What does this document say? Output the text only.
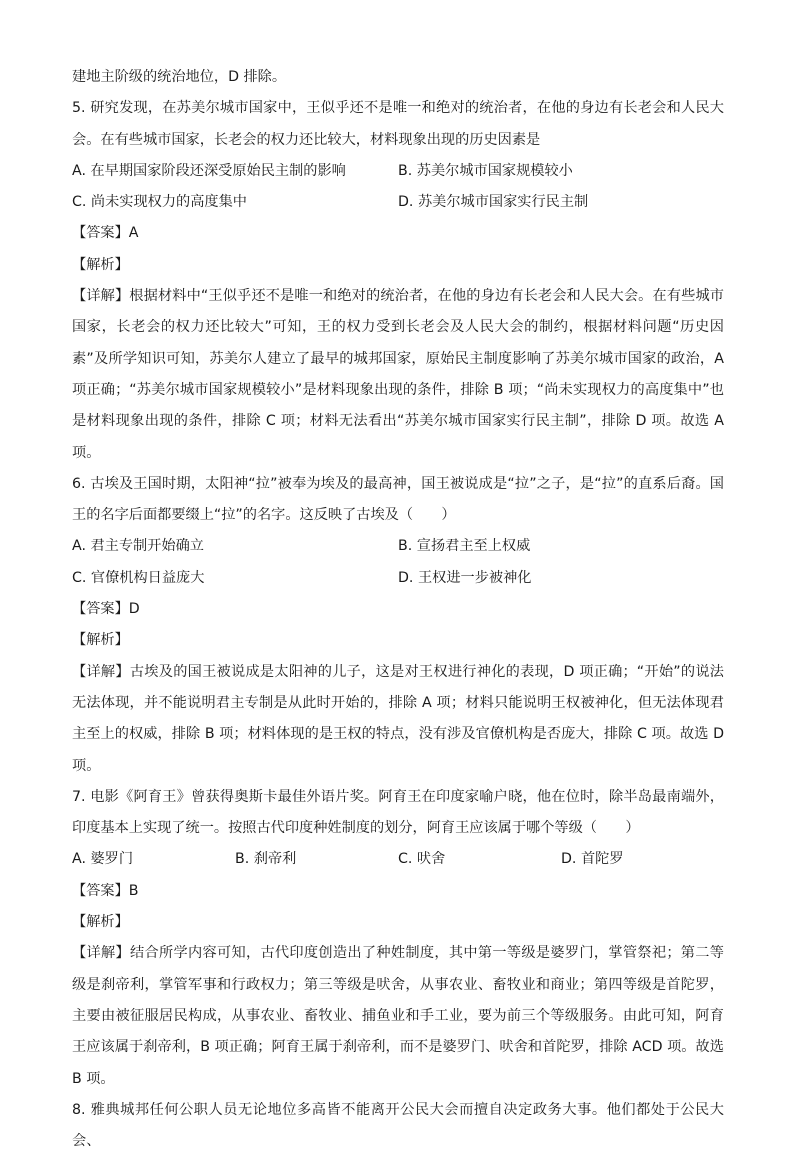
建地主阶级的统治地位，D 排除。

5. 研究发现，在苏美尔城市国家中，王似乎还不是唯一和绝对的统治者，在他的身边有长老会和人民大会。在有些城市国家，长老会的权力还比较大，材料现象出现的历史因素是

A. 在早期国家阶段还深受原始民主制的影响	B. 苏美尔城市国家规模较小
C. 尚未实现权力的高度集中	D. 苏美尔城市国家实行民主制
【答案】A
【解析】

【详解】根据材料中“王似乎还不是唯一和绝对的统治者，在他的身边有长老会和人民大会。在有些城市国家，长老会的权力还比较大”可知，王的权力受到长老会及人民大会的制约，根据材料问题“历史因素”及所学知识可知，苏美尔人建立了最早的城邦国家，原始民主制度影响了苏美尔城市国家的政治，A 项正确；“苏美尔城市国家规模较小”是材料现象出现的条件，排除 B 项；“尚未实现权力的高度集中”也是材料现象出现的条件，排除 C 项；材料无法看出“苏美尔城市国家实行民主制”，排除 D 项。故选 A 项。

6. 古埃及王国时期，太阳神“拉”被奉为埃及的最高神，国王被说成是“拉”之子，是“拉”的直系后裔。国王的名字后面都要缀上“拉”的名字。这反映了古埃及（　　）

A. 君主专制开始确立	B. 宣扬君主至上权威
C. 官僚机构日益庞大	D. 王权进一步被神化
【答案】D
【解析】

【详解】古埃及的国王被说成是太阳神的儿子，这是对王权进行神化的表现，D 项正确；“开始”的说法无法体现，并不能说明君主专制是从此时开始的，排除 A 项；材料只能说明王权被神化，但无法体现君主至上的权威，排除 B 项；材料体现的是王权的特点，没有涉及官僚机构是否庞大，排除 C 项。故选 D 项。

7. 电影《阿育王》曾获得奥斯卡最佳外语片奖。阿育王在印度家喻户晓，他在位时，除半岛最南端外，印度基本上实现了统一。按照古代印度种姓制度的划分，阿育王应该属于哪个等级（　　）

A. 婆罗门	B. 刹帝利	C. 吠舍	D. 首陀罗
【答案】B
【解析】

【详解】结合所学内容可知，古代印度创造出了种姓制度，其中第一等级是婆罗门，掌管祭祀；第二等级是刹帝利，掌管军事和行政权力；第三等级是吠舍，从事农业、畜牧业和商业；第四等级是首陀罗，主要由被征服居民构成，从事农业、畜牧业、捕鱼业和手工业，要为前三个等级服务。由此可知，阿育王应该属于刹帝利，B 项正确；阿育王属于刹帝利，而不是婆罗门、吠舍和首陀罗，排除 ACD 项。故选 B 项。

8. 雅典城邦任何公职人员无论地位多高皆不能离开公民大会而擅自决定政务大事。他们都处于公民大会、
